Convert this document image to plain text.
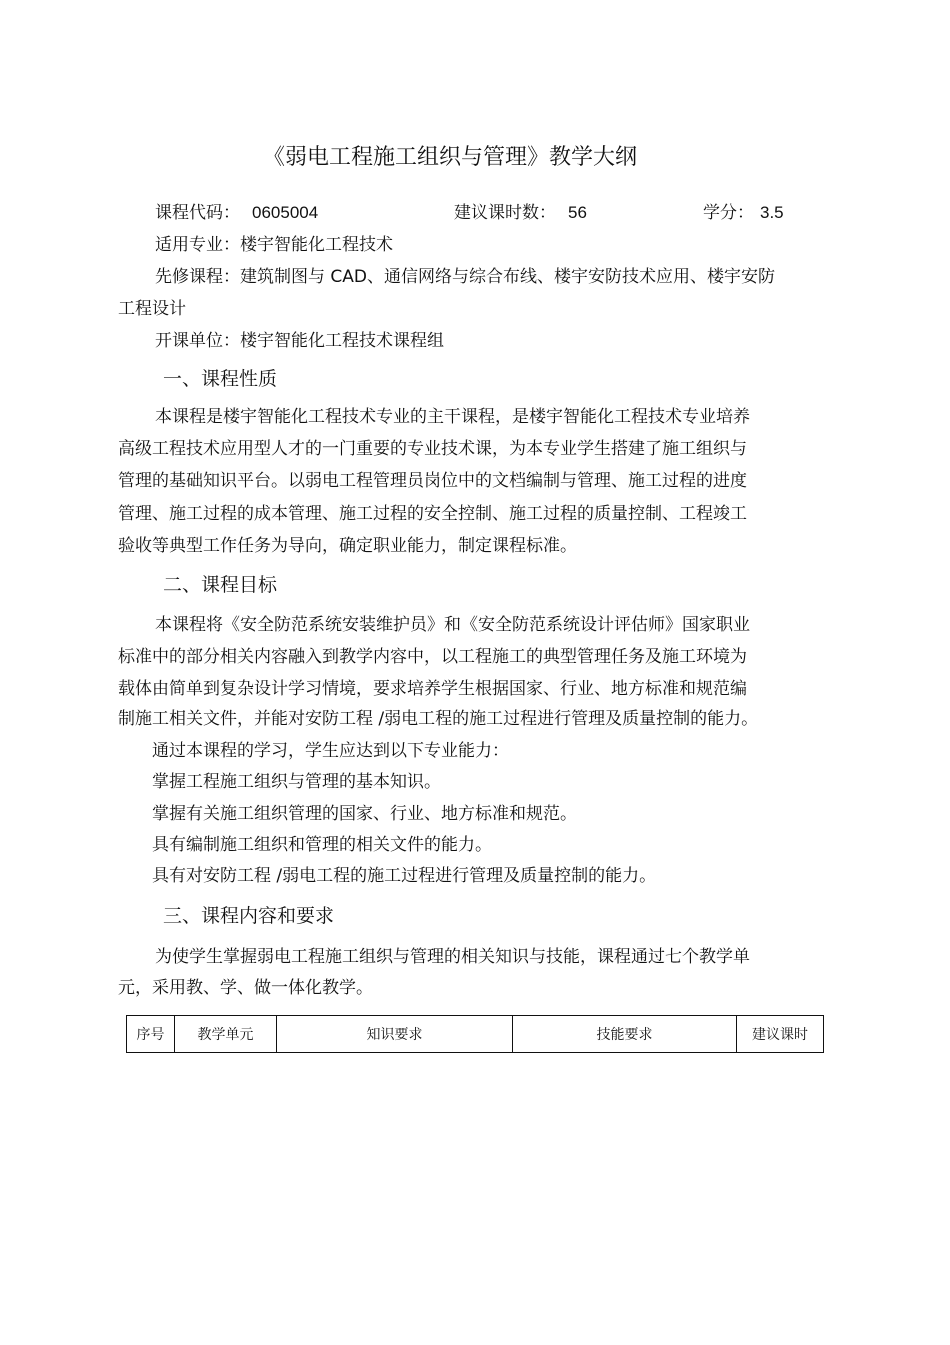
《弱电工程施工组织与管理》教学大纲
课程代码： 0605004	建议课时数： 56	学分： 3.5
适用专业：楼宇智能化工程技术
先修课程：建筑制图与 CAD、通信网络与综合布线、楼宇安防技术应用、楼宇安防
工程设计
开课单位：楼宇智能化工程技术课程组
一、课程性质
本课程是楼宇智能化工程技术专业的主干课程，是楼宇智能化工程技术专业培养
高级工程技术应用型人才的一门重要的专业技术课，为本专业学生搭建了施工组织与
管理的基础知识平台。以弱电工程管理员岗位中的文档编制与管理、施工过程的进度
管理、施工过程的成本管理、施工过程的安全控制、施工过程的质量控制、工程竣工
验收等典型工作任务为导向，确定职业能力，制定课程标准。
二、课程目标
本课程将《安全防范系统安装维护员》和《安全防范系统设计评估师》国家职业
标准中的部分相关内容融入到教学内容中，以工程施工的典型管理任务及施工环境为
载体由简单到复杂设计学习情境，要求培养学生根据国家、行业、地方标准和规范编
制施工相关文件，并能对安防工程 /弱电工程的施工过程进行管理及质量控制的能力。
通过本课程的学习，学生应达到以下专业能力：
掌握工程施工组织与管理的基本知识。
掌握有关施工组织管理的国家、行业、地方标准和规范。
具有编制施工组织和管理的相关文件的能力。
具有对安防工程 /弱电工程的施工过程进行管理及质量控制的能力。
三、课程内容和要求
为使学生掌握弱电工程施工组织与管理的相关知识与技能，课程通过七个教学单
元，采用教、学、做一体化教学。
序号	教学单元	知识要求	技能要求	建议课时
